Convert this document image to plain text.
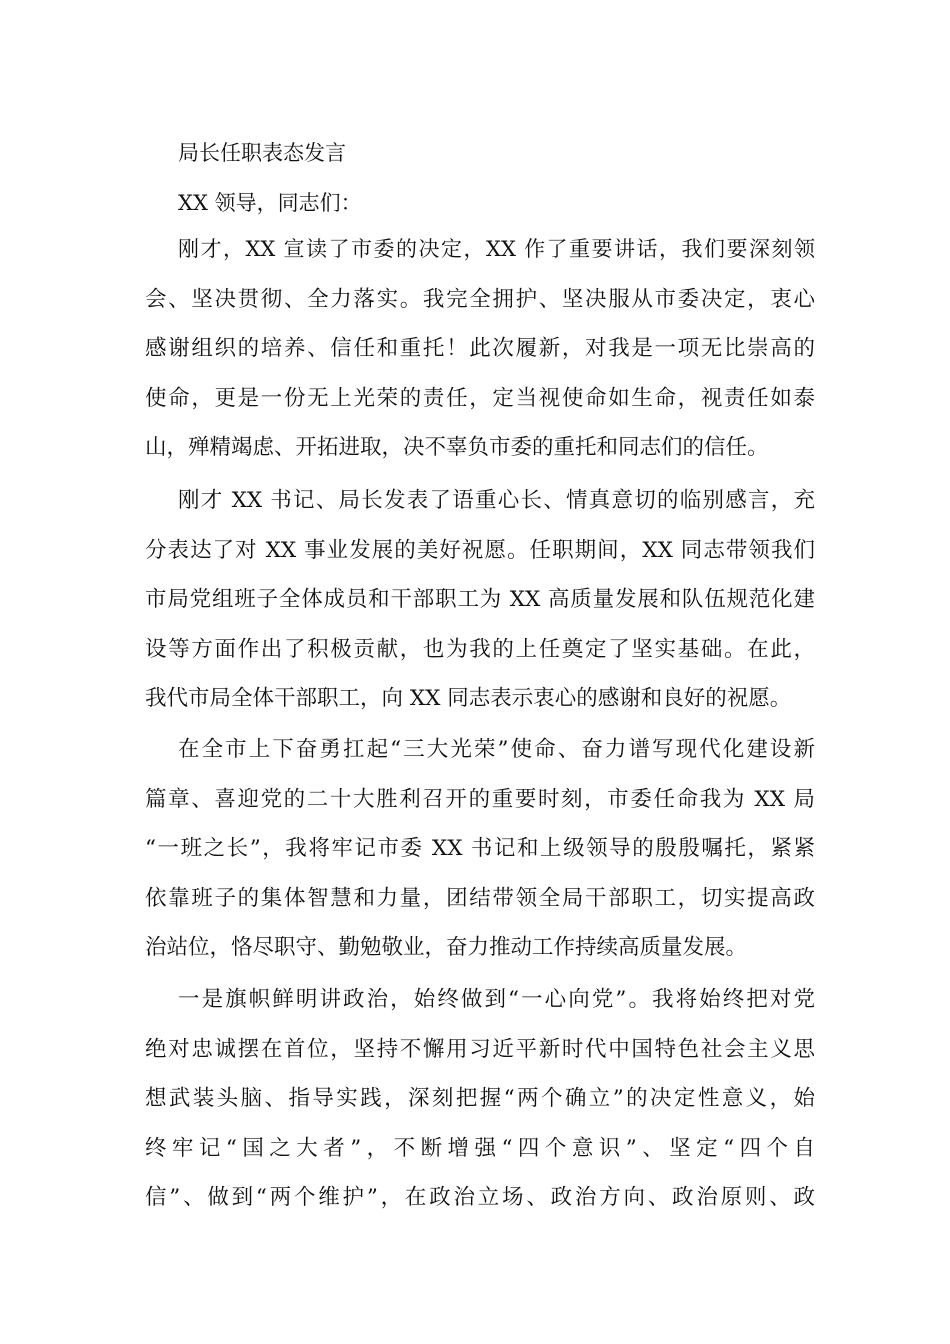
局长任职表态发言
XX 领导，同志们：
刚才，XX 宣读了市委的决定，XX 作了重要讲话，我们要深刻领
会、坚决贯彻、全力落实。我完全拥护、坚决服从市委决定，衷心
感谢组织的培养、信任和重托！此次履新，对我是一项无比崇高的
使命，更是一份无上光荣的责任，定当视使命如生命，视责任如泰
山，殚精竭虑、开拓进取，决不辜负市委的重托和同志们的信任。
刚才 XX 书记、局长发表了语重心长、情真意切的临别感言，充
分表达了对 XX 事业发展的美好祝愿。任职期间，XX 同志带领我们
市局党组班子全体成员和干部职工为 XX 高质量发展和队伍规范化建
设等方面作出了积极贡献，也为我的上任奠定了坚实基础。在此，
我代市局全体干部职工，向 XX 同志表示衷心的感谢和良好的祝愿。
在全市上下奋勇扛起“三大光荣”使命、奋力谱写现代化建设新
篇章、喜迎党的二十大胜利召开的重要时刻，市委任命我为 XX 局
“一班之长”，我将牢记市委 XX 书记和上级领导的殷殷嘱托，紧紧
依靠班子的集体智慧和力量，团结带领全局干部职工，切实提高政
治站位，恪尽职守、勤勉敬业，奋力推动工作持续高质量发展。
一是旗帜鲜明讲政治，始终做到“一心向党”。我将始终把对党
绝对忠诚摆在首位，坚持不懈用习近平新时代中国特色社会主义思
想武装头脑、指导实践，深刻把握“两个确立”的决定性意义，始
终牢记“国之大者”，不断增强“四个意识”、坚定“四个自
信”、做到“两个维护”，在政治立场、政治方向、政治原则、政
